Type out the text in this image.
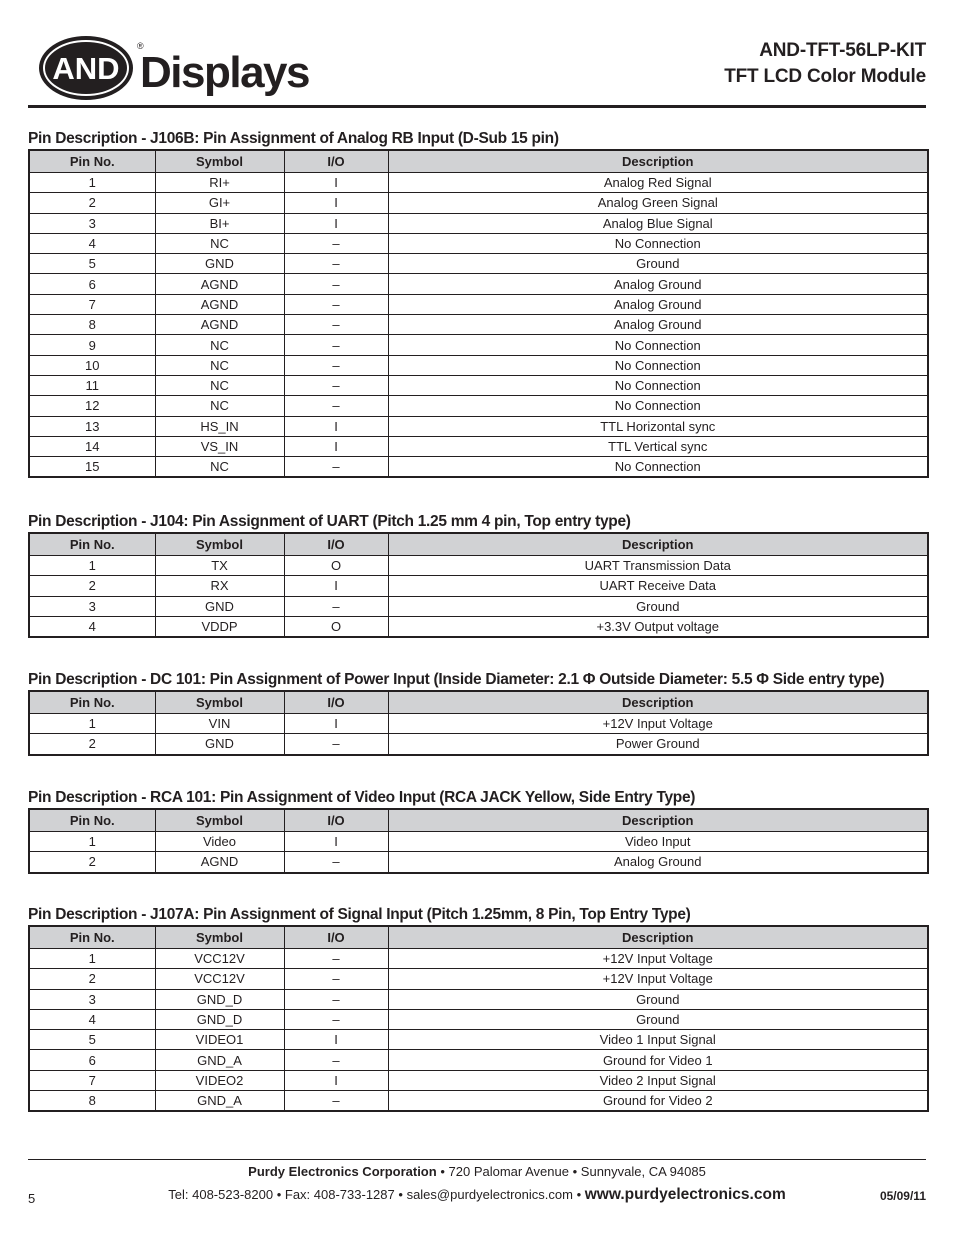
AND
®
Displays	AND-TFT-56LP-KIT
TFT LCD Color Module
Pin Description - J106B: Pin Assignment of Analog RB Input (D-Sub 15 pin)
Pin No.	Symbol	I/O	Description
1	RI+	I	Analog Red Signal
2	GI+	I	Analog Green Signal
3	BI+	I	Analog Blue Signal
4	NC	–	No Connection
5	GND	–	Ground
6	AGND	–	Analog Ground
7	AGND	–	Analog Ground
8	AGND	–	Analog Ground
9	NC	–	No Connection
10	NC	–	No Connection
11	NC	–	No Connection
12	NC	–	No Connection
13	HS_IN	I	TTL Horizontal sync
14	VS_IN	I	TTL Vertical sync
15	NC	–	No Connection
Pin Description - J104: Pin Assignment of UART (Pitch 1.25 mm 4 pin, Top entry type)
Pin No.	Symbol	I/O	Description
1	TX	O	UART Transmission Data
2	RX	I	UART Receive Data
3	GND	–	Ground
4	VDDP	O	+3.3V Output voltage
Pin Description - DC 101: Pin Assignment of Power Input (Inside Diameter: 2.1 Φ Outside Diameter: 5.5 Φ Side entry type)
Pin No.	Symbol	I/O	Description
1	VIN	I	+12V Input Voltage
2	GND	–	Power Ground
Pin Description - RCA 101: Pin Assignment of Video Input (RCA JACK Yellow, Side Entry Type)
Pin No.	Symbol	I/O	Description
1	Video	I	Video Input
2	AGND	–	Analog Ground
Pin Description - J107A: Pin Assignment of Signal Input (Pitch 1.25mm, 8 Pin, Top Entry Type)
Pin No.	Symbol	I/O	Description
1	VCC12V	–	+12V Input Voltage
2	VCC12V	–	+12V Input Voltage
3	GND_D	–	Ground
4	GND_D	–	Ground
5	VIDEO1	I	Video 1 Input Signal
6	GND_A	–	Ground for Video 1
7	VIDEO2	I	Video 2 Input Signal
8	GND_A	–	Ground for Video 2
Purdy Electronics Corporation • 720 Palomar Avenue • Sunnyvale, CA 94085
Tel: 408-523-8200 • Fax: 408-733-1287 • sales@purdyelectronics.com • www.purdyelectronics.com
5	05/09/11
